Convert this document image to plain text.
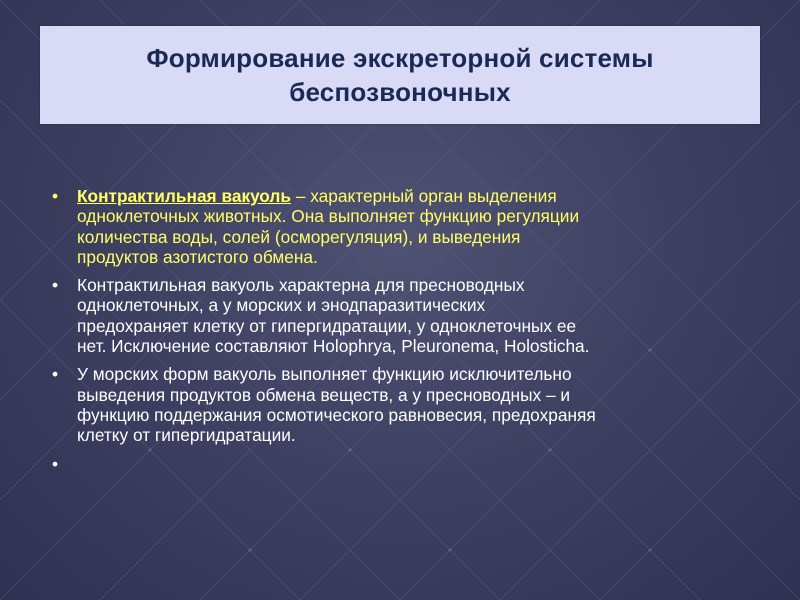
Формирование экскреторной системы
беспозвоночных
•	Контрактильная вакуоль – характерный орган выделения
одноклеточных животных. Она выполняет функцию регуляции
количества воды, солей (осморегуляция), и выведения
продуктов азотистого обмена.
•	Контрактильная вакуоль характерна для пресноводных
одноклеточных, а у морских и энодпаразитических
предохраняет клетку от гипергидратации, у одноклеточных ее
нет. Исключение составляют Holophrya, Pleuronema, Holosticha.
•	У морских форм вакуоль выполняет функцию исключительно
выведения продуктов обмена веществ, а у пресноводных – и
функцию поддержания осмотического равновесия, предохраняя
клетку от гипергидратации.
•
